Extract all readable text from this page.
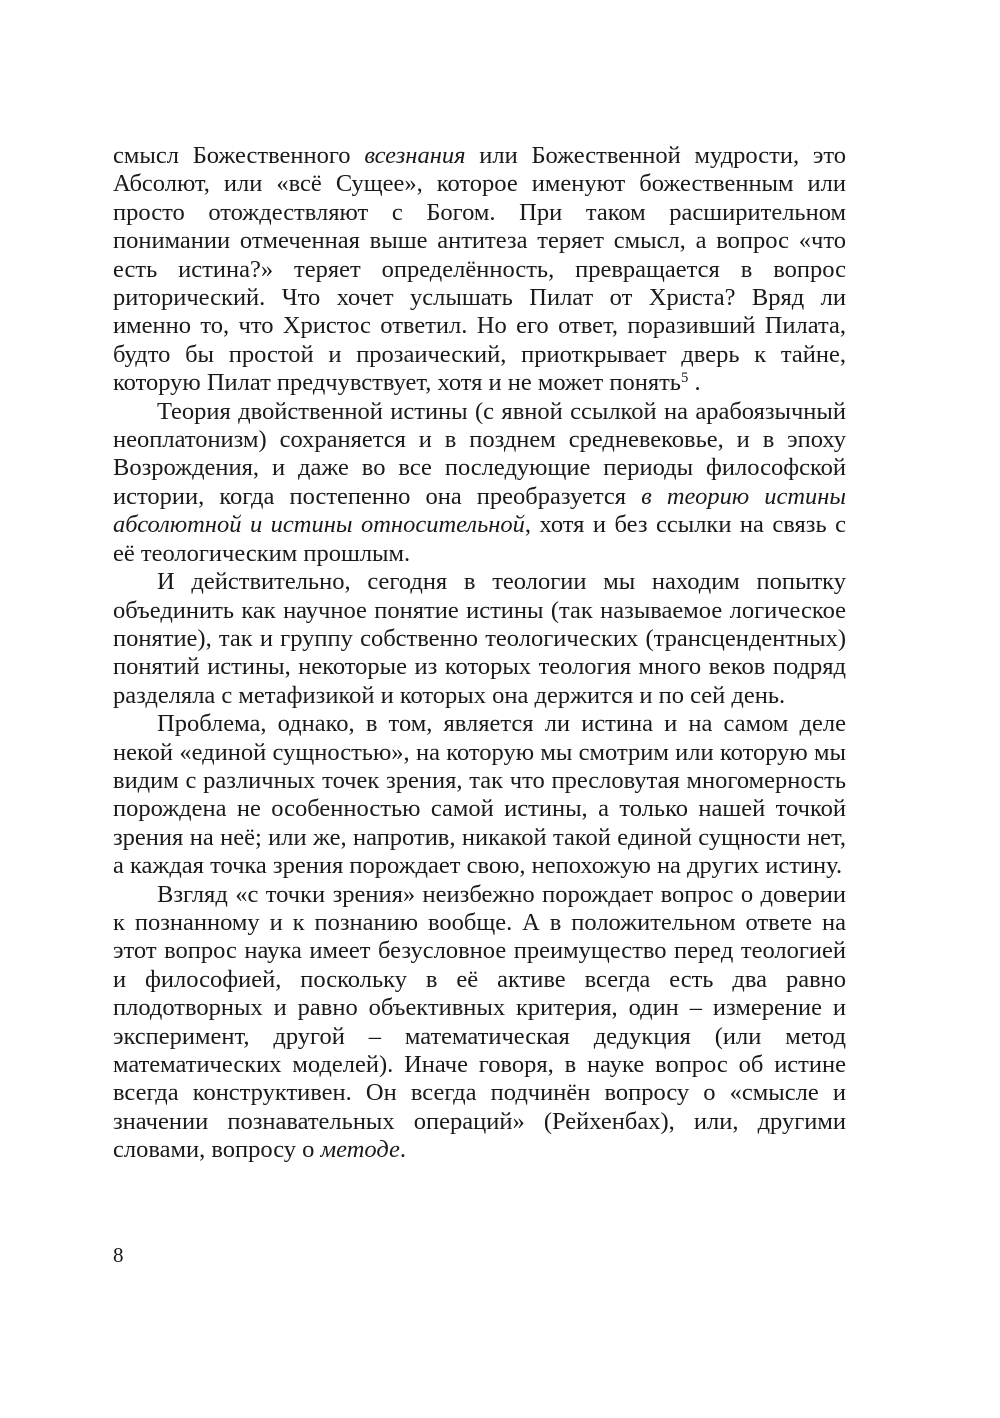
смысл Божественного всезнания или Божественной мудрости, это Абсолют, или «всё Сущее», которое именуют божественным или просто отождествляют с Богом. При таком расширительном понимании отмеченная выше антитеза теряет смысл, а вопрос «что есть истина?» теряет определённость, превращается в вопрос риторический. Что хочет услышать Пилат от Христа? Вряд ли именно то, что Христос ответил. Но его ответ, поразивший Пилата, будто бы простой и прозаический, приоткрывает дверь к тайне, которую Пилат предчувствует, хотя и не может понять$^5$ .

Теория двойственной истины (с явной ссылкой на арабоязычный неоплатонизм) сохраняется и в позднем средневековье, и в эпоху Возрождения, и даже во все последующие периоды философской истории, когда постепенно она преобразуется в теорию истины абсолютной и истины относительной, хотя и без ссылки на связь с её теологическим прошлым.

И действительно, сегодня в теологии мы находим попытку объединить как научное понятие истины (так называемое логическое понятие), так и группу собственно теологических (трансцендентных) понятий истины, некоторые из которых теология много веков подряд разделяла с метафизикой и которых она держится и по сей день.

Проблема, однако, в том, является ли истина и на самом деле некой «единой сущностью», на которую мы смотрим или которую мы видим с различных точек зрения, так что пресловутая многомерность порождена не особенностью самой истины, а только нашей точкой зрения на неё; или же, напротив, никакой такой единой сущности нет, а каждая точка зрения порождает свою, непохожую на других истину.

Взгляд «с точки зрения» неизбежно порождает вопрос о доверии к познанному и к познанию вообще. А в положительном ответе на этот вопрос наука имеет безусловное преимущество перед теологией и философией, поскольку в её активе всегда есть два равно плодотворных и равно объективных критерия, один – измерение и эксперимент, другой – математическая дедукция (или метод математических моделей). Иначе говоря, в науке вопрос об истине всегда конструктивен. Он всегда подчинён вопросу о «смысле и значении познавательных операций» (Рейхенбах), или, другими словами, вопросу о методе.

8
